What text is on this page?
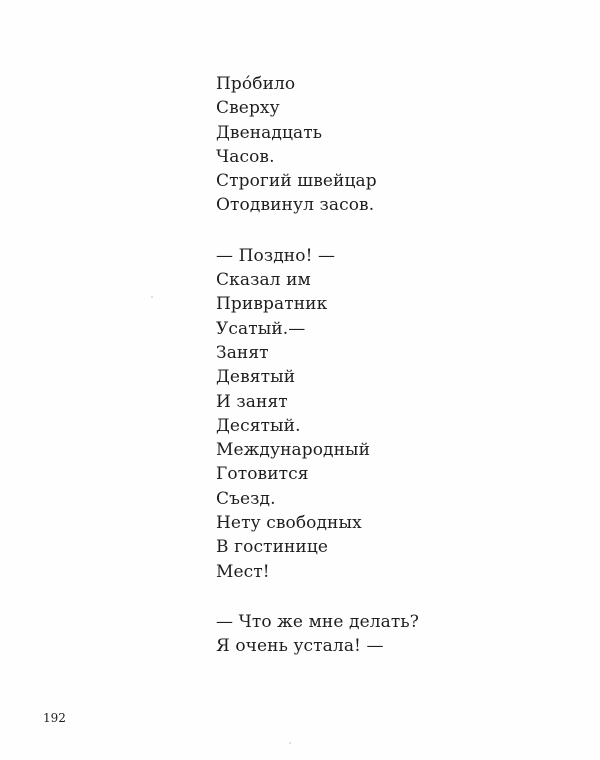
Про́било
Сверху
Двенадцать
Часов.
Строгий швейцар
Отодвинул засов.
— Поздно! —
Сказал им
Привратник
Усатый.—
Занят
Девятый
И занят
Десятый.
Международный
Готовится
Съезд.
Нету свободных
В гостинице
Мест!
— Что же мне делать?
Я очень устала! —
192
